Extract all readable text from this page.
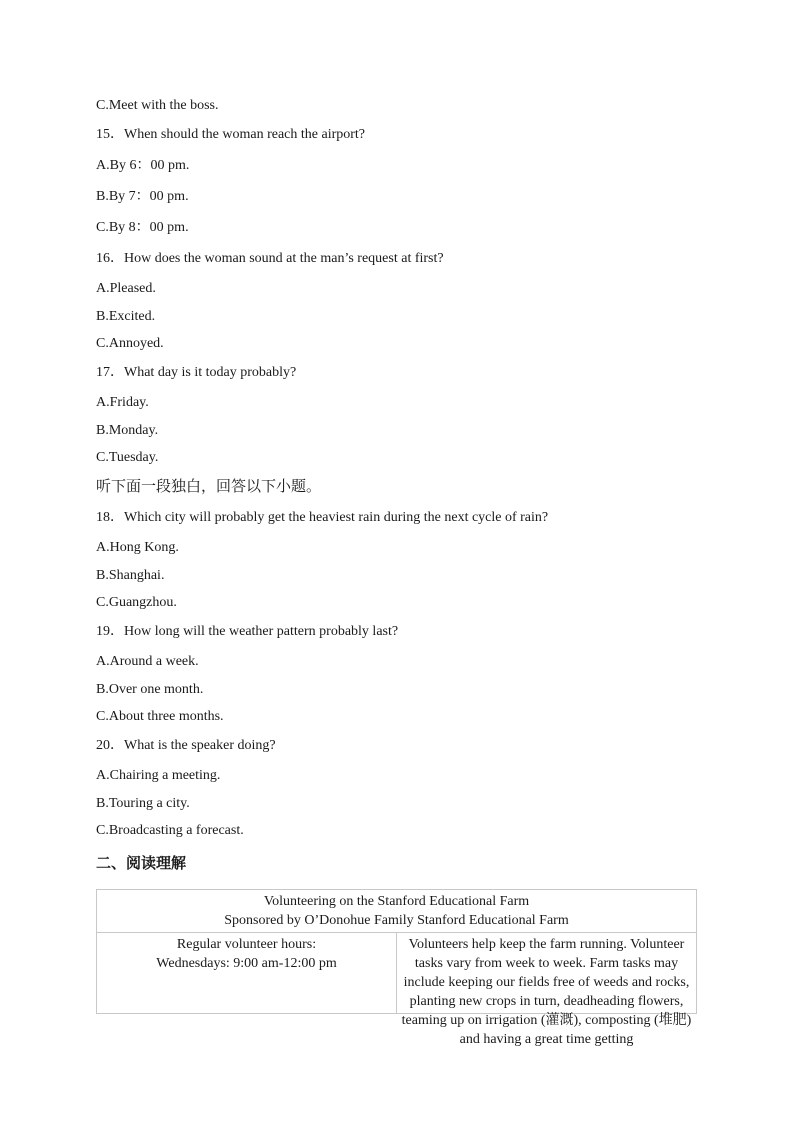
C.Meet with the boss.
15．When should the woman reach the airport?
A.By 6：00 pm.
B.By 7：00 pm.
C.By 8：00 pm.
16．How does the woman sound at the man’s request at first?
A.Pleased.
B.Excited.
C.Annoyed.
17．What day is it today probably?
A.Friday.
B.Monday.
C.Tuesday.
听下面一段独白，回答以下小题。
18．Which city will probably get the heaviest rain during the next cycle of rain?
A.Hong Kong.
B.Shanghai.
C.Guangzhou.
19．How long will the weather pattern probably last?
A.Around a week.
B.Over one month.
C.About three months.
20．What is the speaker doing?
A.Chairing a meeting.
B.Touring a city.
C.Broadcasting a forecast.
二、阅读理解
Volunteering on the Stanford Educational Farm
Sponsored by O’Donohue Family Stanford Educational Farm

Regular volunteer hours:
Wednesdays: 9:00 am-12:00 pm

Volunteers help keep the farm running. Volunteer tasks vary from week to week. Farm tasks may include keeping our fields free of weeds and rocks, planting new crops in turn, deadheading flowers, teaming up on irrigation (灌溉), composting (堆肥) and having a great time getting
